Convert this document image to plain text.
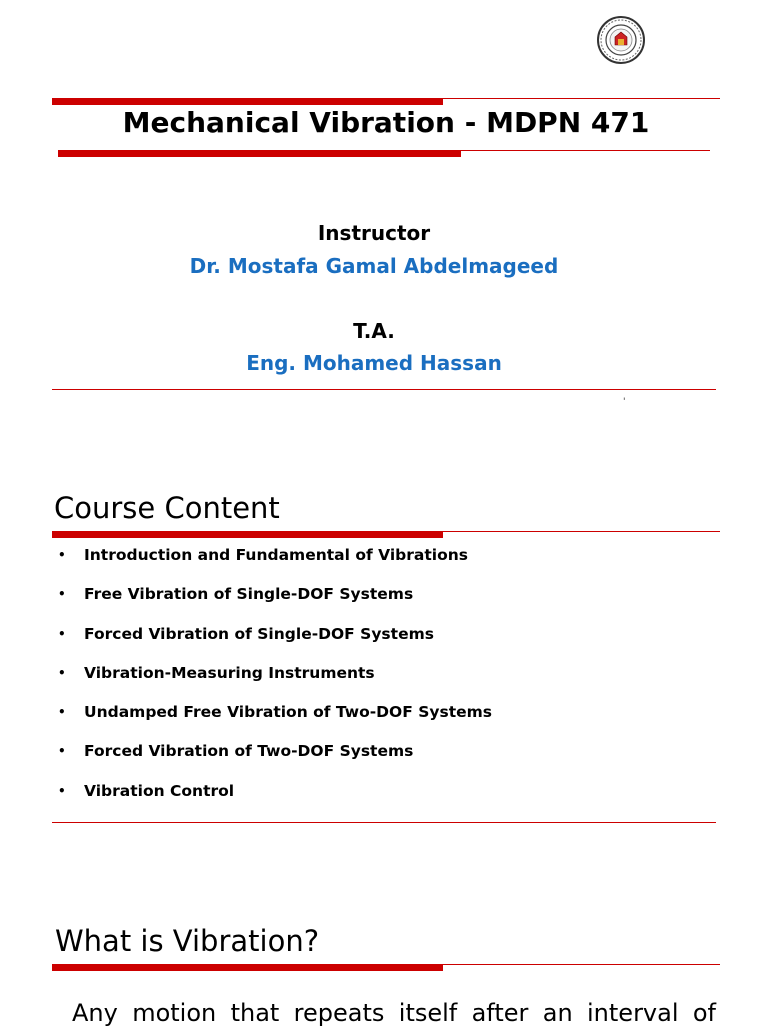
Mechanical Vibration - MDPN 471
Instructor
Dr. Mostafa Gamal Abdelmageed
T.A.
Eng. Mohamed Hassan
'
Course Content
•	Introduction and Fundamental of Vibrations
•	Free Vibration of Single-DOF Systems
•	Forced Vibration of Single-DOF Systems
•	Vibration-Measuring Instruments
•	Undamped Free Vibration of Two-DOF Systems
•	Forced Vibration of Two-DOF Systems
•	Vibration Control
What is Vibration?
Any motion that repeats itself after an interval of
